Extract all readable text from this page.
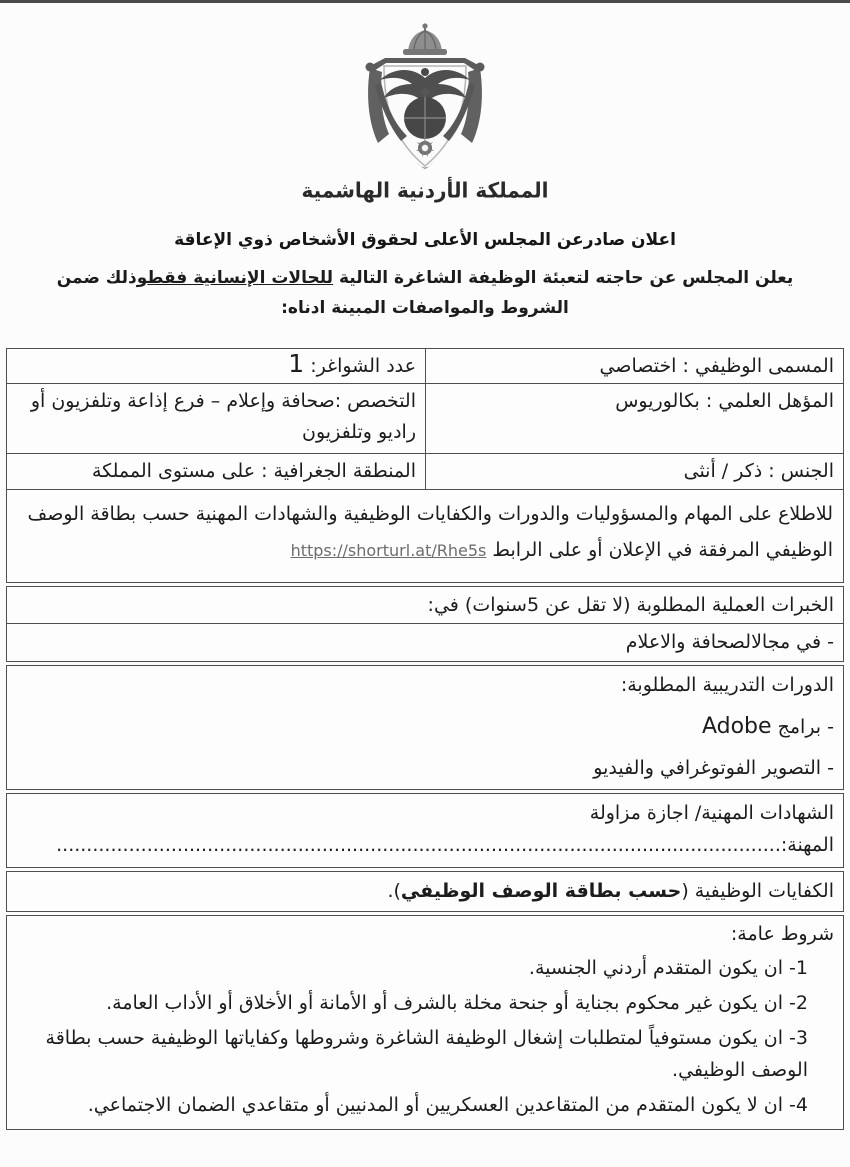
المملكة الأردنية الهاشمية
اعلان صادرعن المجلس الأعلى لحقوق الأشخاص ذوي الإعاقة
يعلن المجلس عن حاجته لتعبئة الوظيفة الشاغرة التالية للحالات الإنسانية فقطوذلك ضمن الشروط والمواصفات المبينة ادناه:
المسمى الوظيفي : اختصاصي
عدد الشواغر: 1
المؤهل العلمي : بكالوريوس
التخصص :صحافة وإعلام – فرع إذاعة وتلفزيون أو راديو وتلفزيون
الجنس : ذكر / أنثى
المنطقة الجغرافية : على مستوى المملكة
للاطلاع على المهام والمسؤوليات والدورات والكفايات الوظيفية والشهادات المهنية حسب بطاقة الوصف الوظيفي المرفقة في الإعلان أو على الرابط https://shorturl.at/Rhe5s
الخبرات العملية المطلوبة (لا تقل عن 5سنوات) في:
- في مجالالصحافة والاعلام
الدورات التدريبية المطلوبة:
- برامج Adobe
- التصوير الفوتوغرافي والفيديو
الشهادات المهنية/ اجازة مزاولة المهنة:........................................................................................................................
الكفايات الوظيفية (حسب بطاقة الوصف الوظيفي).
شروط عامة:
1- ان يكون المتقدم أردني الجنسية.
2- ان يكون غير محكوم بجناية أو جنحة مخلة بالشرف أو الأمانة أو الأخلاق أو الأداب العامة.
3- ان يكون مستوفياً لمتطلبات إشغال الوظيفة الشاغرة وشروطها وكفاياتها الوظيفية حسب بطاقة الوصف الوظيفي.
4- ان لا يكون المتقدم من المتقاعدين العسكريين أو المدنيين أو متقاعدي الضمان الاجتماعي.
